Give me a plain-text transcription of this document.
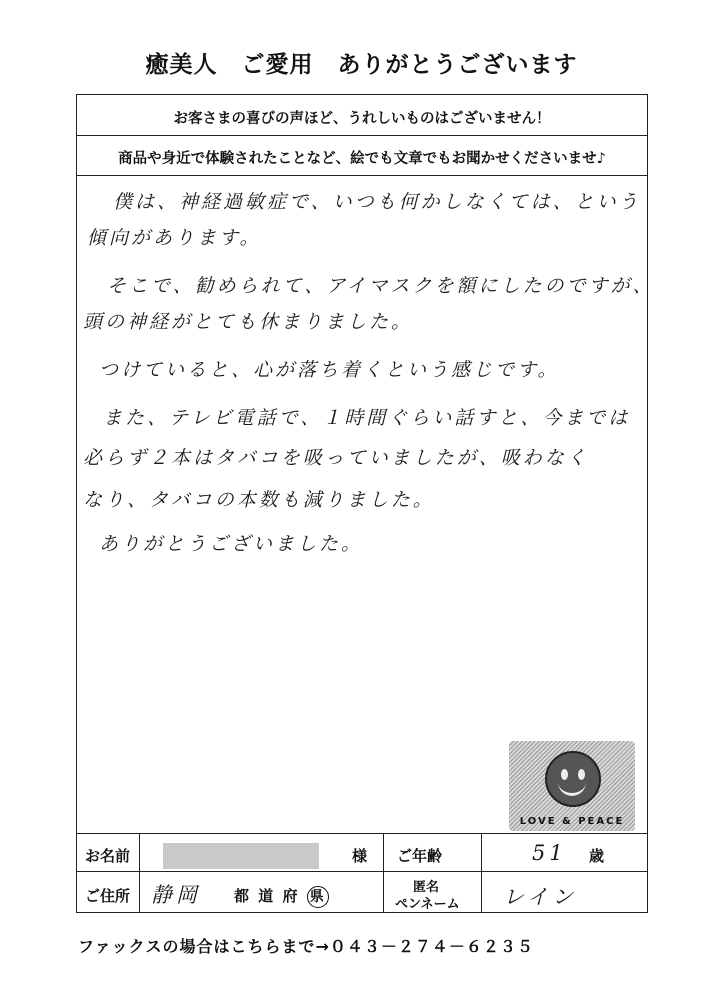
癒美人　ご愛用　ありがとうございます
お客さまの喜びの声ほど、うれしいものはございません！
商品や身近で体験されたことなど、絵でも文章でもお聞かせくださいませ♪
僕は、神経過敏症で、いつも何かしなくては、という
傾向があります。
そこで、勧められて、アイマスクを額にしたのですが、
頭の神経がとても休まりました。
つけていると、心が落ち着くという感じです。
また、テレビ電話で、１時間ぐらい話すと、今までは
必らず２本はタバコを吸っていましたが、吸わなく
なり、タバコの本数も減りました。
ありがとうございました。
LOVE & PEACE
お名前	様 ご年齢	51 歳
ご住所 静岡 都 道 府 県
匿名
ペンネーム レイン
ファックスの場合はこちらまで→０４３－２７４－６２３５
